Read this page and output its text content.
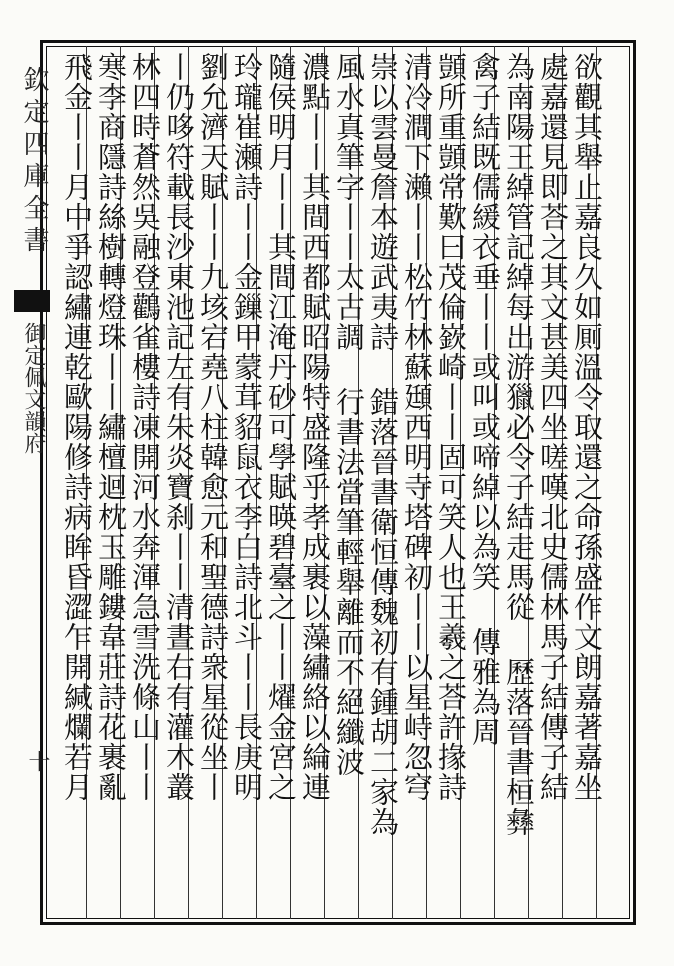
欽定四庫全書
御定佩文韻府
十	欲觀其舉止嘉良久如厠溫令取還之命孫盛作文朗嘉著嘉坐
處嘉還見即荅之其文甚美四坐嗟嘆北史儒林馬子結傳子結
為南陽王綽管記綽每出游獵必令子結走馬從 歷落晉書桓彝
禽子結既儒緩衣垂丨丨或叫或啼綽以為笑 傳雅為周
顗所重顗常歎曰茂倫嶔崎丨丨固可笑人也王羲之荅許掾詩
清冷澗下瀨丨丨松竹林蘇頲西明寺塔碑初丨丨以星峙忽穹
崇以雲曼詹本遊武夷詩 錯落晉書衛恒傳魏初有鍾胡二家為
風水真筆字丨丨太古調 行書法當筆輕舉離而不絕纖波
濃點丨丨其間西都賦昭陽特盛隆乎孝成裹以藻繡絡以綸連
隨侯明月丨丨其間江淹丹砂可學賦暎碧臺之丨丨燿金宮之
玲瓏崔瀬詩丨丨金鏁甲蒙茸貂鼠衣李白詩北斗丨丨長庚明
劉允濟天賦丨丨九垓宕堯八柱韓愈元和聖德詩衆星從坐丨
丨仍哆符載長沙東池記左有朱炎寶刹丨丨清晝右有灌木叢
林四時蒼然吳融登鸛雀樓詩凍開河水奔渾急雪洗條山丨丨
寒李商隱詩絲樹轉燈珠丨丨繡檀迴枕玉雕鏤韋莊詩花裹亂
飛金丨丨月中爭認繡連乾歐陽修詩病眸昏澀乍開緘爛若月
